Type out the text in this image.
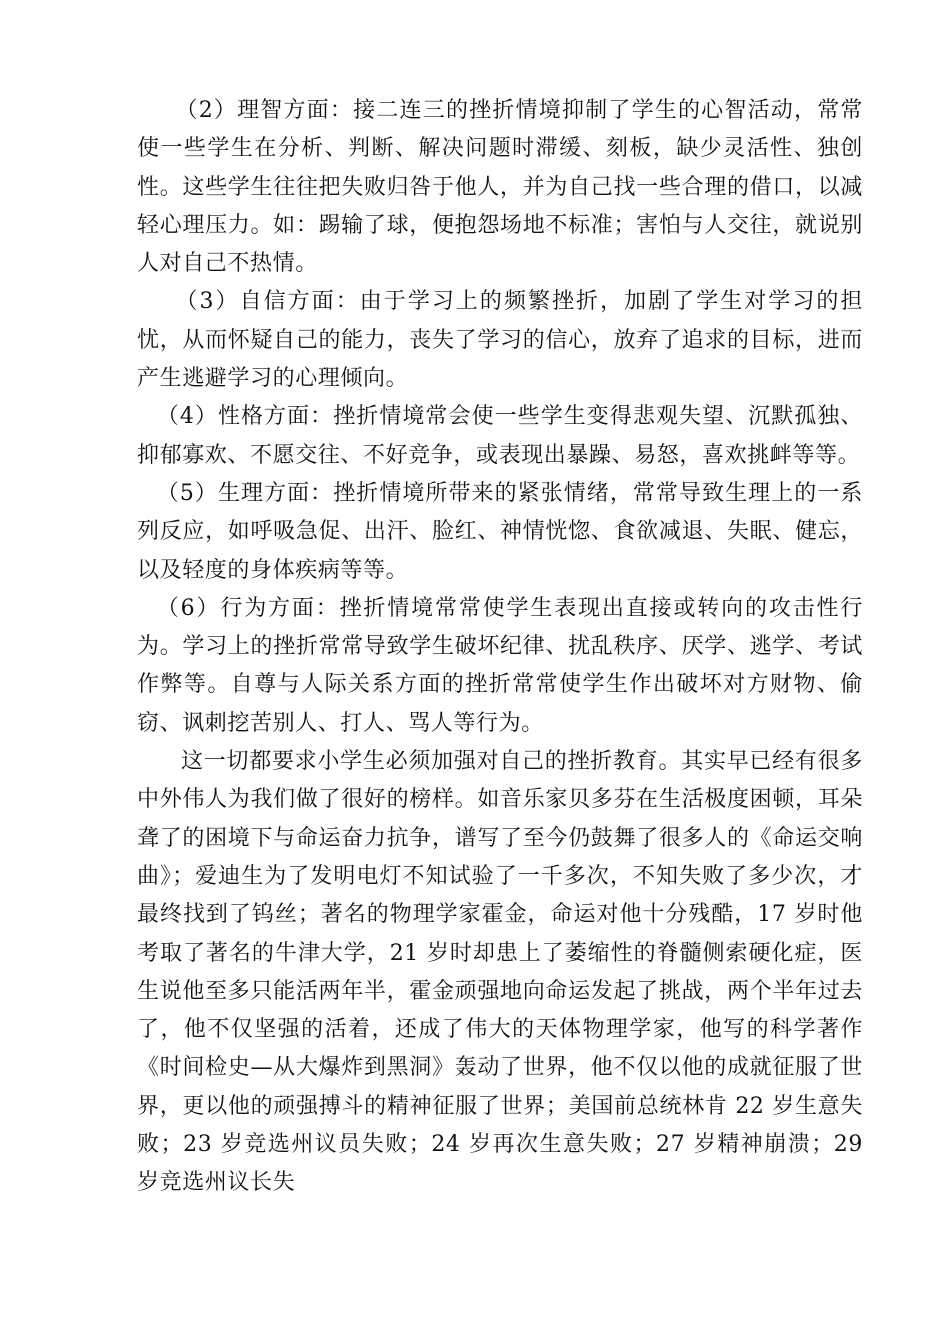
（2）理智方面：接二连三的挫折情境抑制了学生的心智活动，常常使一些学生在分析、判断、解决问题时滞缓、刻板，缺少灵活性、独创性。这些学生往往把失败归咎于他人，并为自己找一些合理的借口，以减轻心理压力。如：踢输了球，便抱怨场地不标准；害怕与人交往，就说别人对自己不热情。

（3）自信方面：由于学习上的频繁挫折，加剧了学生对学习的担忧，从而怀疑自己的能力，丧失了学习的信心，放弃了追求的目标，进而产生逃避学习的心理倾向。

（4）性格方面：挫折情境常会使一些学生变得悲观失望、沉默孤独、抑郁寡欢、不愿交往、不好竞争，或表现出暴躁、易怒，喜欢挑衅等等。

（5）生理方面：挫折情境所带来的紧张情绪，常常导致生理上的一系列反应，如呼吸急促、出汗、脸红、神情恍惚、食欲减退、失眠、健忘，以及轻度的身体疾病等等。

（6）行为方面：挫折情境常常使学生表现出直接或转向的攻击性行为。学习上的挫折常常导致学生破坏纪律、扰乱秩序、厌学、逃学、考试作弊等。自尊与人际关系方面的挫折常常使学生作出破坏对方财物、偷窃、讽刺挖苦别人、打人、骂人等行为。

这一切都要求小学生必须加强对自己的挫折教育。其实早已经有很多中外伟人为我们做了很好的榜样。如音乐家贝多芬在生活极度困顿，耳朵聋了的困境下与命运奋力抗争，谱写了至今仍鼓舞了很多人的《命运交响曲》；爱迪生为了发明电灯不知试验了一千多次，不知失败了多少次，才最终找到了钨丝；著名的物理学家霍金，命运对他十分残酷，17 岁时他考取了著名的牛津大学，21 岁时却患上了萎缩性的脊髓侧索硬化症，医生说他至多只能活两年半，霍金顽强地向命运发起了挑战，两个半年过去了，他不仅坚强的活着，还成了伟大的天体物理学家，他写的科学著作《时间检史—从大爆炸到黑洞》轰动了世界，他不仅以他的成就征服了世界，更以他的顽强搏斗的精神征服了世界；美国前总统林肯 22 岁生意失败；23 岁竞选州议员失败；24 岁再次生意失败；27 岁精神崩溃；29 岁竞选州议长失
